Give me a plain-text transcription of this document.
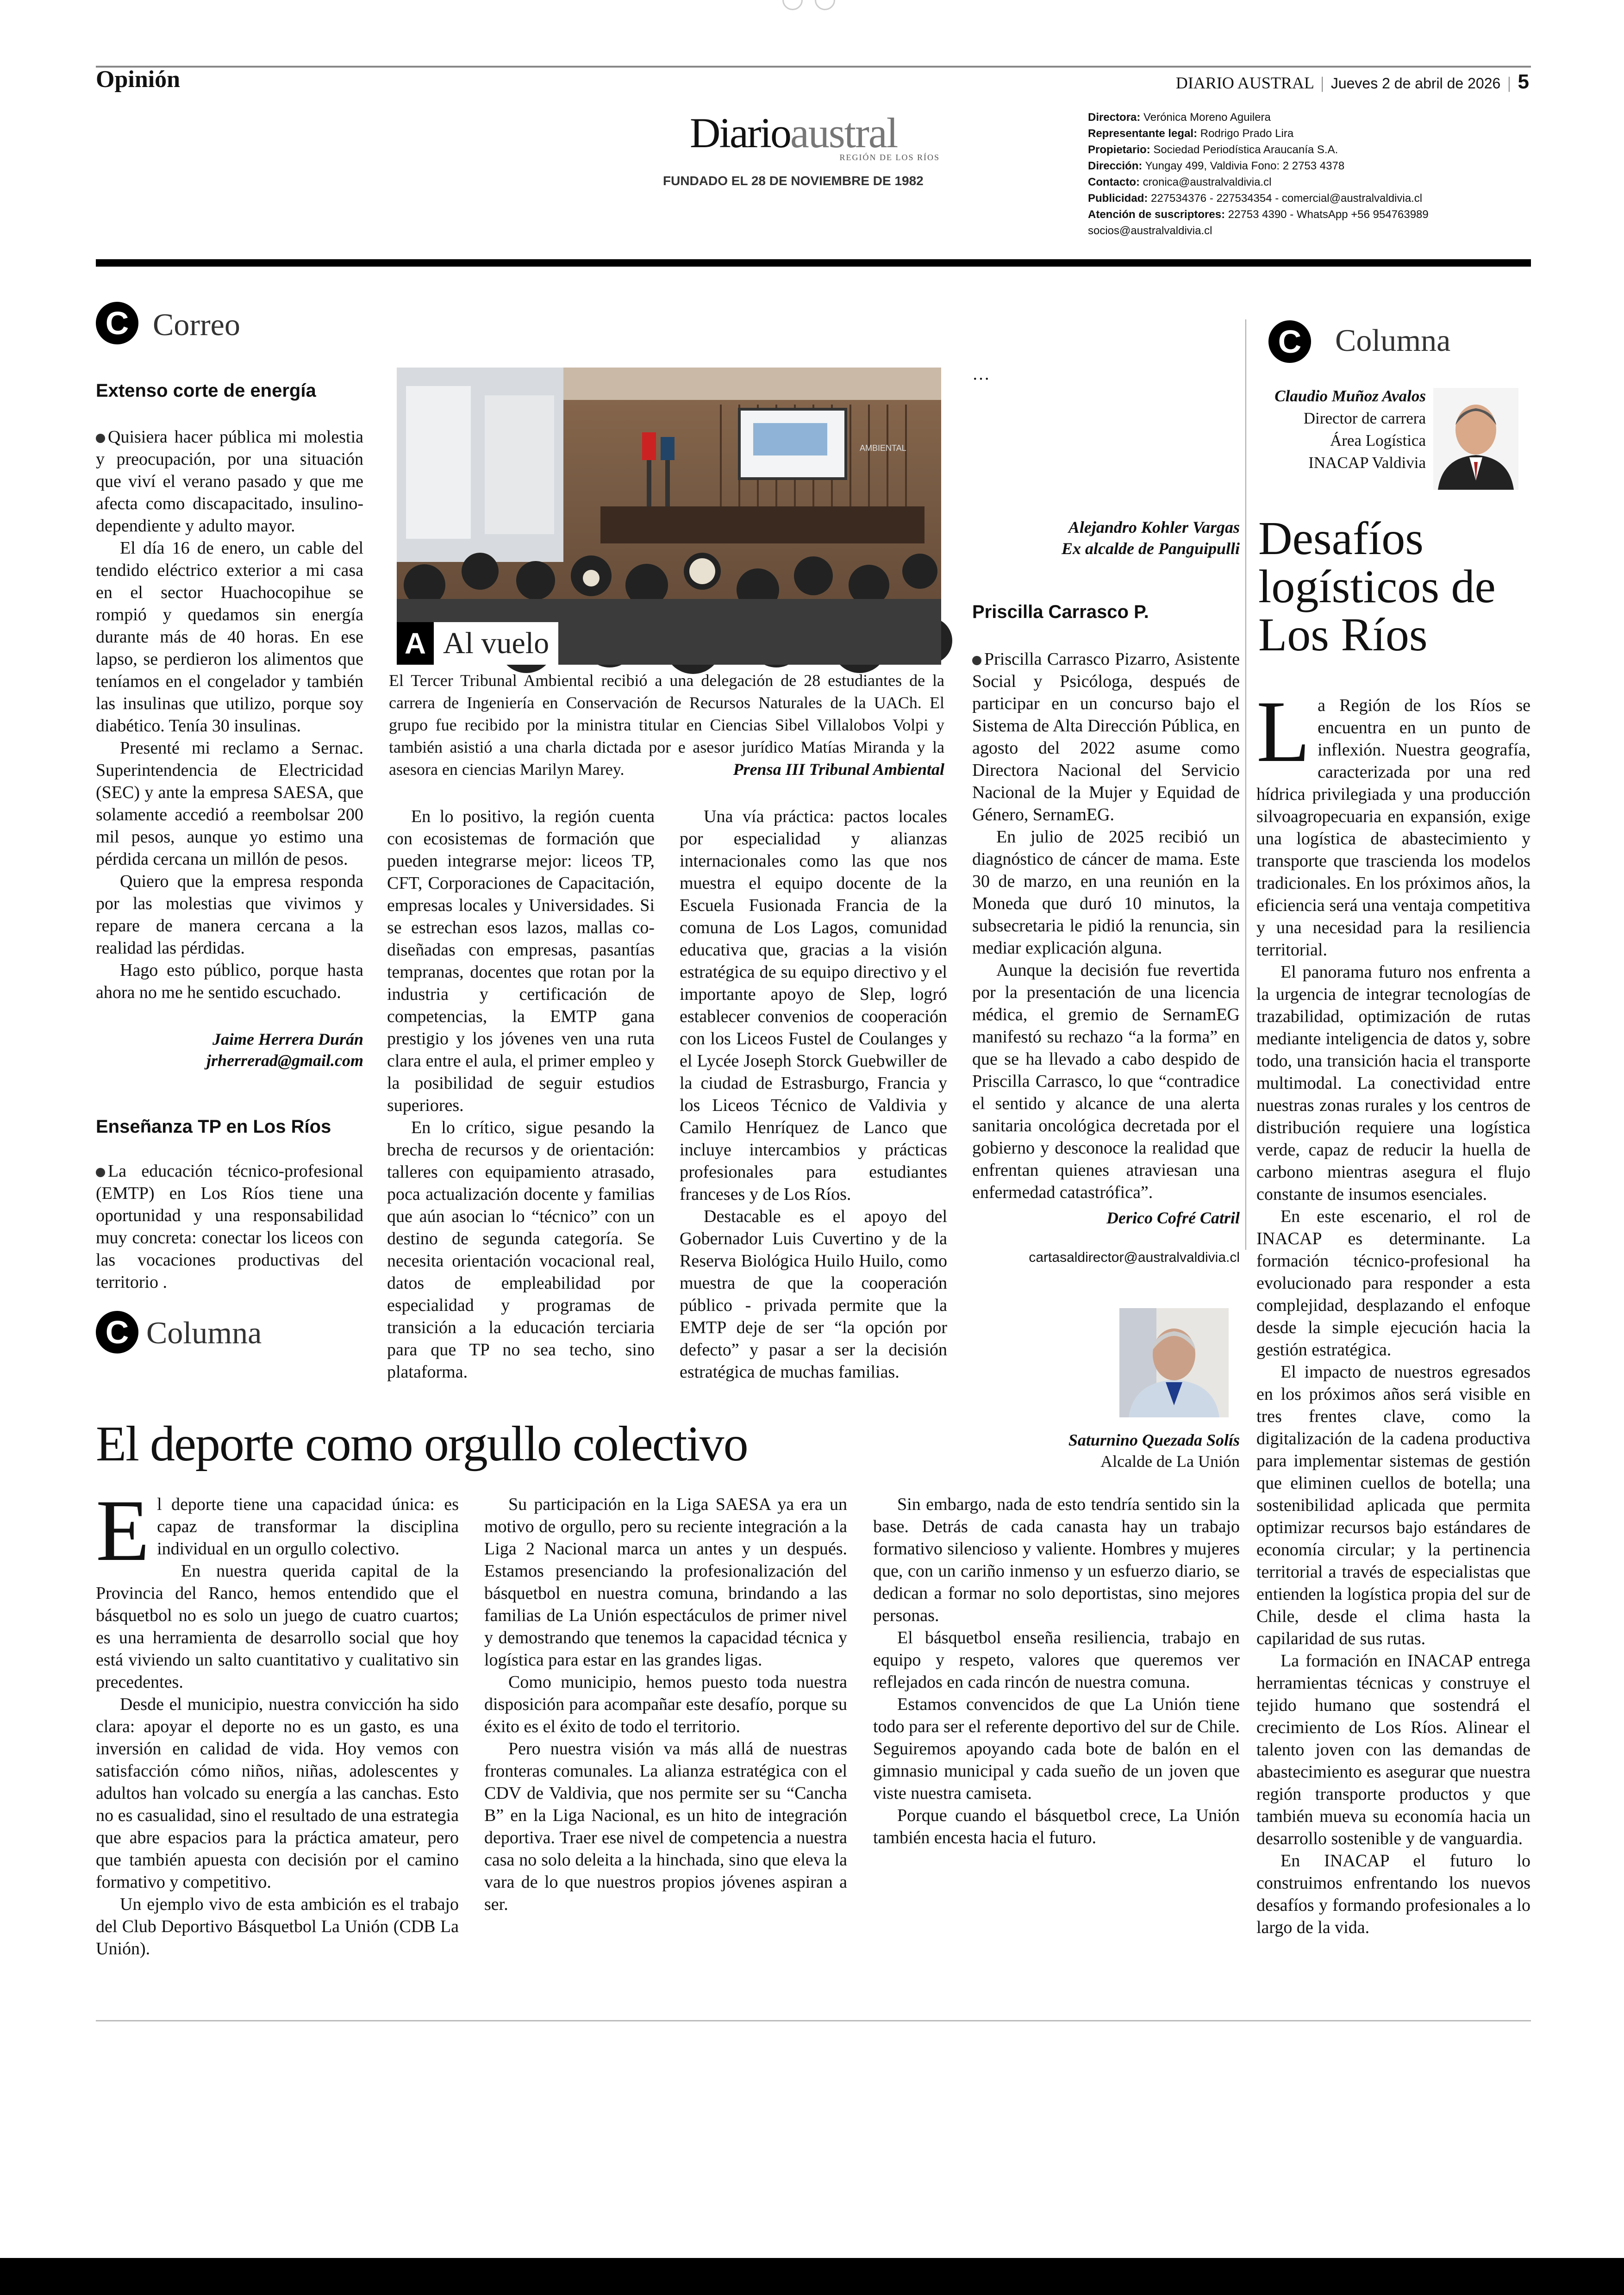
Opinión	DIARIO AUSTRAL | Jueves 2 de abril de 2026 | 5
Diarioaustral
REGIÓN DE LOS RÍOS
FUNDADO EL 28 DE NOVIEMBRE DE 1982
Directora: Verónica Moreno Aguilera
Representante legal: Rodrigo Prado Lira
Propietario: Sociedad Periodística Araucanía S.A.
Dirección: Yungay 499, Valdivia Fono: 2 2753 4378
Contacto: cronica@australvaldivia.cl
Publicidad: 227534376 - 227534354 - comercial@australvaldivia.cl
Atención de suscriptores: 22753 4390 - WhatsApp +56 954763989
socios@australvaldivia.cl
C Correo
Extenso corte de energía

Quisiera hacer pública mi molestia y preocupación, por una situación que viví el verano pasado y que me afecta como discapacitado, insulino-dependiente y adulto mayor.

El día 16 de enero, un cable del tendido eléctrico exterior a mi casa en el sector Huachocopihue se rompió y quedamos sin energía durante más de 40 horas. En ese lapso, se perdieron los alimentos que teníamos en el congelador y también las insulinas que utilizo, porque soy diabético. Tenía 30 insulinas.

Presenté mi reclamo a Sernac. Superintendencia de Electricidad (SEC) y ante la empresa SAESA, que solamente accedió a reembolsar 200 mil pesos, aunque yo estimo una pérdida cercana un millón de pesos.

Quiero que la empresa responda por las molestias que vivimos y repare de manera cercana a la realidad las pérdidas.

Hago esto público, porque hasta ahora no me he sentido escuchado.

Jaime Herrera Durán
jrherrerad@gmail.com
Enseñanza TP en Los Ríos

La educación técnico-profesional (EMTP) en Los Ríos tiene una oportunidad y una responsabilidad muy concreta: conectar los liceos con las vocaciones productivas del territorio .

En lo positivo, la región cuenta con ecosistemas de formación que pueden integrarse mejor: liceos TP, CFT, Corporaciones de Capacitación, empresas locales y Universidades. Si se estrechan esos lazos, mallas co-diseñadas con empresas, pasantías tempranas, docentes que rotan por la industria y certificación de competencias, la EMTP gana prestigio y los jóvenes ven una ruta clara entre el aula, el primer empleo y la posibilidad de seguir estudios superiores.

En lo crítico, sigue pesando la brecha de recursos y de orientación: talleres con equipamiento atrasado, poca actualización docente y familias que aún asocian lo “técnico” con un destino de segunda categoría. Se necesita orientación vocacional real, datos de empleabilidad por especialidad y programas de transición a la educación terciaria para que TP no sea techo, sino plataforma.

Una vía práctica: pactos locales por especialidad y alianzas internacionales como las que nos muestra el equipo docente de la Escuela Fusionada Francia de la comuna de Los Lagos, comunidad educativa que, gracias a la visión estratégica de su equipo directivo y el importante apoyo de Slep, logró establecer convenios de cooperación con los Liceos Fustel de Coulanges y el Lycée Joseph Storck Guebwiller de la ciudad de Estrasburgo, Francia y los Liceos Técnico de Valdivia y Camilo Henríquez de Lanco que incluye intercambios y prácticas profesionales para estudiantes franceses y de Los Ríos.

Destacable es el apoyo del Gobernador Luis Cuvertino y de la Reserva Biológica Huilo Huilo, como muestra de que la cooperación público - privada permite que la EMTP deje de ser “la opción por defecto” y pasar a ser la decisión estratégica de muchas familias.

…

Alejandro Kohler Vargas
Ex alcalde de Panguipulli
Priscilla Carrasco P.

Priscilla Carrasco Pizarro, Asistente Social y Psicóloga, después de participar en un concurso bajo el Sistema de Alta Dirección Pública, en agosto del 2022 asume como Directora Nacional del Servicio Nacional de la Mujer y Equidad de Género, SernamEG.

En julio de 2025 recibió un diagnóstico de cáncer de mama. Este 30 de marzo, en una reunión en la Moneda que duró 10 minutos, la subsecretaria le pidió la renuncia, sin mediar explicación alguna.

Aunque la decisión fue revertida por la presentación de una licencia médica, el gremio de SernamEG manifestó su rechazo “a la forma” en que se ha llevado a cabo despido de Priscilla Carrasco, lo que “contradice el sentido y alcance de una alerta sanitaria oncológica decretada por el gobierno y desconoce la realidad que enfrentan quienes atraviesan una enfermedad catastrófica”.

Derico Cofré Catril
cartasaldirector@australvaldivia.cl
AMBIENTAL
A Al vuelo
El Tercer Tribunal Ambiental recibió a una delegación de 28 estudiantes de la carrera de Ingeniería en Conservación de Recursos Naturales de la UACh. El grupo fue recibido por la ministra titular en Ciencias Sibel Villalobos Volpi y también asistió a una charla dictada por e asesor jurídico Matías Miranda y la asesora en ciencias Marilyn Marey.	Prensa III Tribunal Ambiental
C	Columna
Claudio Muñoz Avalos
Director de carrera
Área Logística
INACAP Valdivia
Desafíos logísticos de Los Ríos

La Región de los Ríos se encuentra en un punto de inflexión. Nuestra geografía, caracterizada por una red hídrica privilegiada y una producción silvoagropecuaria en expansión, exige una logística de abastecimiento y transporte que trascienda los modelos tradicionales. En los próximos años, la eficiencia será una ventaja competitiva y una necesidad para la resiliencia territorial.

El panorama futuro nos enfrenta a la urgencia de integrar tecnologías de trazabilidad, optimización de rutas mediante inteligencia de datos y, sobre todo, una transición hacia el transporte multimodal. La conectividad entre nuestras zonas rurales y los centros de distribución requiere una logística verde, capaz de reducir la huella de carbono mientras asegura el flujo constante de insumos esenciales.

En este escenario, el rol de INACAP es determinante. La formación técnico-profesional ha evolucionado para responder a esta complejidad, desplazando el enfoque desde la simple ejecución hacia la gestión estratégica.

El impacto de nuestros egresados en los próximos años será visible en tres frentes clave, como la digitalización de la cadena productiva para implementar sistemas de gestión que eliminen cuellos de botella; una sostenibilidad aplicada que permita optimizar recursos bajo estándares de economía circular; y la pertinencia territorial a través de especialistas que entienden la logística propia del sur de Chile, desde el clima hasta la capilaridad de sus rutas.

La formación en INACAP entrega herramientas técnicas y construye el tejido humano que sostendrá el crecimiento de Los Ríos. Alinear el talento joven con las demandas de abastecimiento es asegurar que nuestra región transporte productos y que también mueva su economía hacia un desarrollo sostenible y de vanguardia.

En INACAP el futuro lo construimos enfrentando los nuevos desafíos y formando profesionales a lo largo de la vida.

C Columna
El deporte como orgullo colectivo	Saturnino Quezada Solís
Alcalde de La Unión

El deporte tiene una capacidad única: es capaz de transformar la disciplina individual en un orgullo colectivo.

En nuestra querida capital de la Provincia del Ranco, hemos entendido que el básquetbol no es solo un juego de cuatro cuartos; es una herramienta de desarrollo social que hoy está viviendo un salto cuantitativo y cualitativo sin precedentes.

Desde el municipio, nuestra convicción ha sido clara: apoyar el deporte no es un gasto, es una inversión en calidad de vida. Hoy vemos con satisfacción cómo niños, niñas, adolescentes y adultos han volcado su energía a las canchas. Esto no es casualidad, sino el resultado de una estrategia que abre espacios para la práctica amateur, pero que también apuesta con decisión por el camino formativo y competitivo.

Un ejemplo vivo de esta ambición es el trabajo del Club Deportivo Básquetbol La Unión (CDB La Unión).

Su participación en la Liga SAESA ya era un motivo de orgullo, pero su reciente integración a la Liga 2 Nacional marca un antes y un después. Estamos presenciando la profesionalización del básquetbol en nuestra comuna, brindando a las familias de La Unión espectáculos de primer nivel y demostrando que tenemos la capacidad técnica y logística para estar en las grandes ligas.

Como municipio, hemos puesto toda nuestra disposición para acompañar este desafío, porque su éxito es el éxito de todo el territorio.

Pero nuestra visión va más allá de nuestras fronteras comunales. La alianza estratégica con el CDV de Valdivia, que nos permite ser su “Cancha B” en la Liga Nacional, es un hito de integración deportiva. Traer ese nivel de competencia a nuestra casa no solo deleita a la hinchada, sino que eleva la vara de lo que nuestros propios jóvenes aspiran a ser.

Sin embargo, nada de esto tendría sentido sin la base. Detrás de cada canasta hay un trabajo formativo silencioso y valiente. Hombres y mujeres que, con un cariño inmenso y un esfuerzo diario, se dedican a formar no solo deportistas, sino mejores personas.

El básquetbol enseña resiliencia, trabajo en equipo y respeto, valores que queremos ver reflejados en cada rincón de nuestra comuna.

Estamos convencidos de que La Unión tiene todo para ser el referente deportivo del sur de Chile. Seguiremos apoyando cada bote de balón en el gimnasio municipal y cada sueño de un joven que viste nuestra camiseta.

Porque cuando el básquetbol crece, La Unión también encesta hacia el futuro.
